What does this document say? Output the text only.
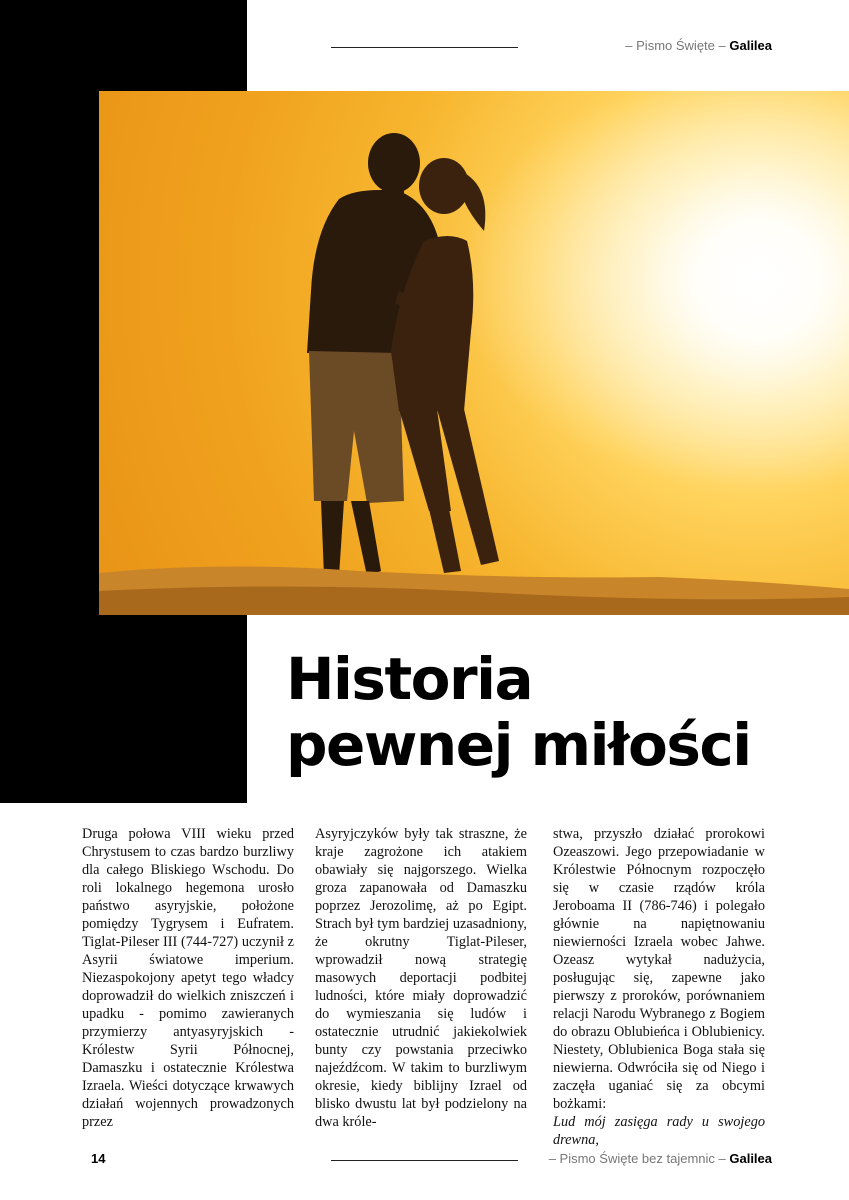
– Pismo Święte – Galilea
Historia
pewnej miłości

Druga połowa VIII wieku przed Chrystusem to czas bardzo burzliwy dla całego Bliskiego Wschodu. Do roli lokalnego hegemona urosło państwo asyryjskie, położone pomiędzy Tygrysem i Eufratem. Tiglat-Pileser III (744-727) uczynił z Asyrii światowe imperium. Niezaspokojony apetyt tego władcy doprowadził do wielkich zniszczeń i upadku - pomimo zawieranych przymierzy antyasyryjskich - Królestw Syrii Północnej, Damaszku i ostatecznie Królestwa Izraela. Wieści dotyczące krwawych działań wojennych prowadzonych przez

Asyryjczyków były tak straszne, że kraje zagrożone ich atakiem obawiały się najgorszego. Wielka groza zapanowała od Damaszku poprzez Jerozolimę, aż po Egipt. Strach był tym bardziej uzasadniony, że okrutny Tiglat-Pileser, wprowadził nową strategię masowych deportacji podbitej ludności, które miały doprowadzić do wymieszania się ludów i ostatecznie utrudnić jakiekolwiek bunty czy powstania przeciwko najeźdźcom. W takim to burzliwym okresie, kiedy biblijny Izrael od blisko dwustu lat był podzielony na dwa króle-

stwa, przyszło działać prorokowi Ozeaszowi. Jego przepowiadanie w Królestwie Północnym rozpoczęło się w czasie rządów króla Jeroboama II (786-746) i polegało głównie na napiętnowaniu niewierności Izraela wobec Jahwe. Ozeasz wytykał nadużycia, posługując się, zapewne jako pierwszy z proroków, porównaniem relacji Narodu Wybranego z Bogiem do obrazu Oblubieńca i Oblubienicy. Niestety, Oblubienica Boga stała się niewierna. Odwróciła się od Niego i zaczęła uganiać się za obcymi bożkami:
Lud mój zasięga rady u swojego drewna,
14	– Pismo Święte bez tajemnic – Galilea
